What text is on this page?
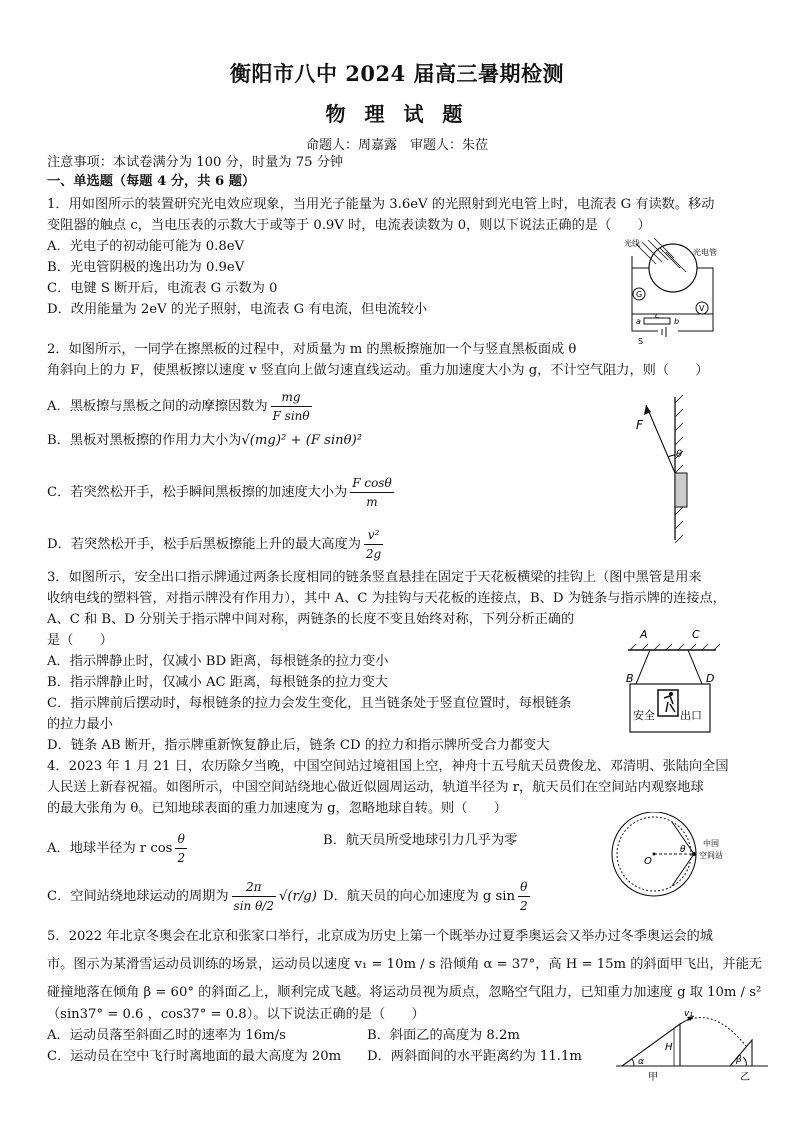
衡阳市八中 2024 届高三暑期检测
物 理 试 题
命题人：周嘉露　审题人：朱莅
注意事项：本试卷满分为 100 分，时量为 75 分钟
一、单选题（每题 4 分，共 6 题）
1．用如图所示的装置研究光电效应现象，当用光子能量为 3.6eV 的光照射到光电管上时，电流表 G 有读数。移动
变阻器的触点 c，当电压表的示数大于或等于 0.9V 时，电流表读数为 0，则以下说法正确的是（　　）
A．光电子的初动能可能为 0.8eV
B．光电管阴极的逸出功为 0.9eV
C．电键 S 断开后，电流表 G 示数为 0
D．改用能量为 2eV 的光子照射，电流表 G 有电流，但电流较小
光线
光电管
G
V
a
c
b
S
2．如图所示，一同学在擦黑板的过程中，对质量为 m 的黑板擦施加一个与竖直黑板面成 θ
角斜向上的力 F，使黑板擦以速度 v 竖直向上做匀速直线运动。重力加速度大小为 g，不计空气阻力，则（　　）
A．黑板擦与黑板之间的动摩擦因数为 $\frac{mg}{\text{F sinθ}}$
B．黑板对黑板擦的作用力大小为√(mg)² + (F sinθ)²
C．若突然松开手，松手瞬间黑板擦的加速度大小为 $\frac{\text{F cosθ}}{m}$
D．若突然松开手，松手后黑板擦能上升的最大高度为 $\frac{\text{v²}}{2g}$
F
θ
3．如图所示，安全出口指示牌通过两条长度相同的链条竖直悬挂在固定于天花板横梁的挂钩上（图中黑管是用来
收纳电线的塑料管，对指示牌没有作用力），其中 A、C 为挂钩与天花板的连接点，B、D 为链条与指示牌的连接点，
A、C 和 B、D 分别关于指示牌中间对称，两链条的长度不变且始终对称，下列分析正确的
是（　　）
A．指示牌静止时，仅减小 BD 距离，每根链条的拉力变小
B．指示牌静止时，仅减小 AC 距离，每根链条的拉力变大
C．指示牌前后摆动时，每根链条的拉力会发生变化，且当链条处于竖直位置时，每根链条
的拉力最小
D．链条 AB 断开，指示牌重新恢复静止后，链条 CD 的拉力和指示牌所受合力都变大
A	C
B	D
安全 出口
4．2023 年 1 月 21 日，农历除夕当晚，中国空间站过境祖国上空，神舟十五号航天员费俊龙、邓清明、张陆向全国
人民送上新春祝福。如图所示，中国空间站绕地心做近似圆周运动，轨道半径为 r，航天员们在空间站内观察地球
的最大张角为 θ。已知地球表面的重力加速度为 g，忽略地球自转。则（　　）
A．地球半径为 r $\cos \frac{\theta}{2}$	B．航天员所受地球引力几乎为零
C．空间站绕地球运动的周期为 $\frac{2\pi}{\text{sin θ/2}} √(r/g)$ D．航天员的向心加速度为 g $\sin \frac{\theta}{2}$
O
θ
中国
空间站
5．2022 年北京冬奥会在北京和张家口举行，北京成为历史上第一个既举办过夏季奥运会又举办过冬季奥运会的城
市。图示为某滑雪运动员训练的场景，运动员以速度 v₁ = 10m / s 沿倾角 α = 37°，高 H = 15m 的斜面甲飞出，并能无
碰撞地落在倾角 β = 60° 的斜面乙上，顺利完成飞越。将运动员视为质点，忽略空气阻力，已知重力加速度 g 取 10m / s²
（sin37° = 0.6 ，cos37° = 0.8）。以下说法正确的是（　　）
A．运动员落至斜面乙时的速率为 16m/s	B．斜面乙的高度为 8.2m
C．运动员在空中飞行时离地面的最大高度为 20m D．两斜面间的水平距离约为 11.1m
v₁
H
α	β
甲	乙
